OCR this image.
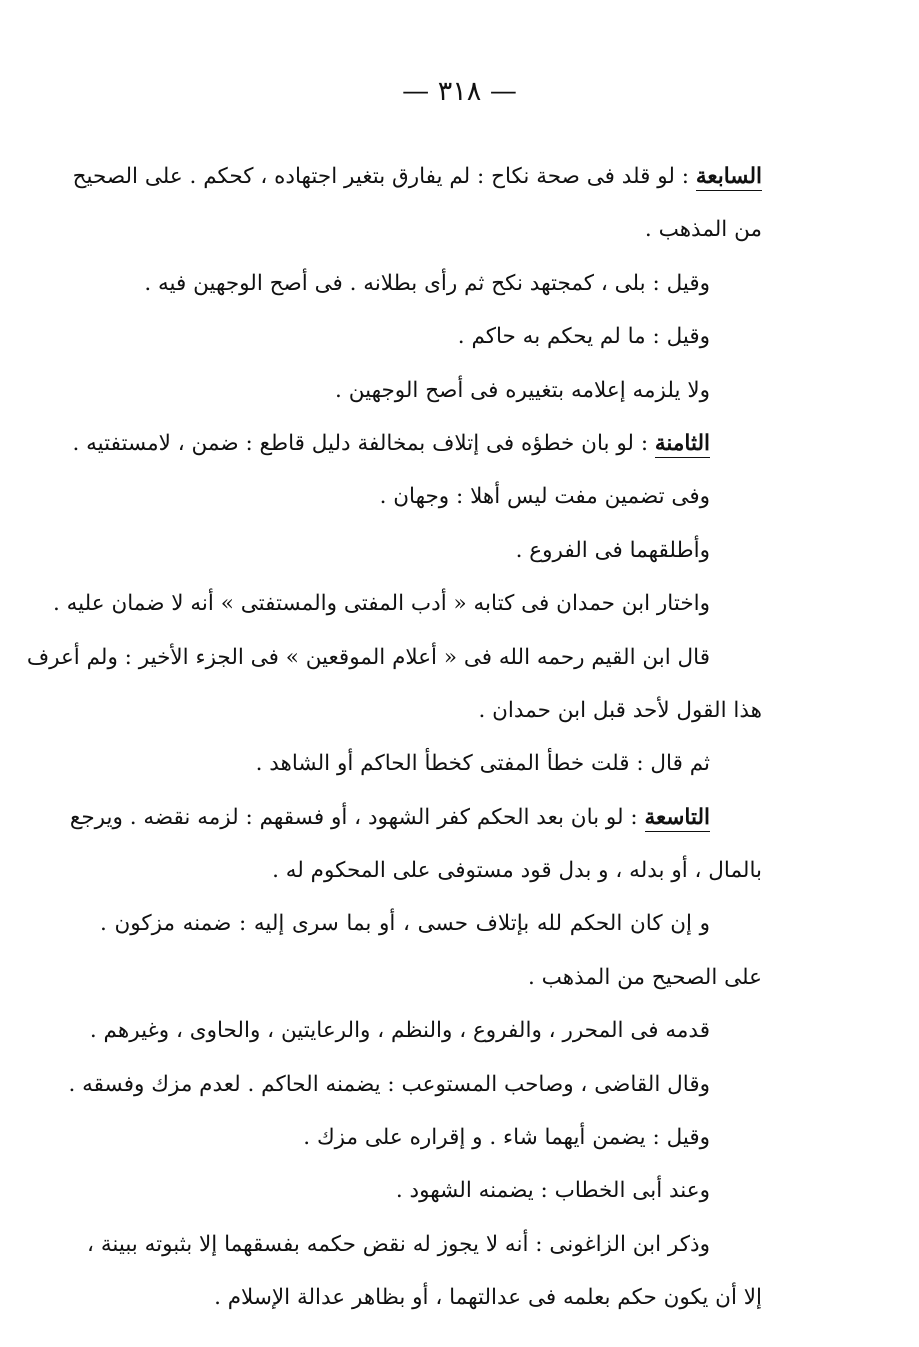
— ٣١٨ —
السابعة : لو قلد فى صحة نكاح : لم يفارق بتغير اجتهاده ، كحكم . على الصحيح
من المذهب .
وقيل : بلى ، كمجتهد نكح ثم رأى بطلانه . فى أصح الوجهين فيه .
وقيل : ما لم يحكم به حاكم .
ولا يلزمه إعلامه بتغييره فى أصح الوجهين .
الثامنة : لو بان خطؤه فى إتلاف بمخالفة دليل قاطع : ضمن ، لامستفتيه .
وفى تضمين مفت ليس أهلا : وجهان .
وأطلقهما فى الفروع .
واختار ابن حمدان فى كتابه « أدب المفتى والمستفتى » أنه لا ضمان عليه .
قال ابن القيم رحمه الله فى « أعلام الموقعين » فى الجزء الأخير : ولم أعرف
هذا القول لأحد قبل ابن حمدان .
ثم قال : قلت خطأ المفتى كخطأ الحاكم أو الشاهد .
التاسعة : لو بان بعد الحكم كفر الشهود ، أو فسقهم : لزمه نقضه . ويرجع
بالمال ، أو بدله ، و بدل قود مستوفى على المحكوم له .
و إن كان الحكم لله بإتلاف حسى ، أو بما سرى إليه : ضمنه مزكون .
على الصحيح من المذهب .
قدمه فى المحرر ، والفروع ، والنظم ، والرعايتين ، والحاوى ، وغيرهم .
وقال القاضى ، وصاحب المستوعب : يضمنه الحاكم . لعدم مزك وفسقه .
وقيل : يضمن أيهما شاء . و إقراره على مزك .
وعند أبى الخطاب : يضمنه الشهود .
وذكر ابن الزاغونى : أنه لا يجوز له نقض حكمه بفسقهما إلا بثبوته ببينة ،
إلا أن يكون حكم بعلمه فى عدالتهما ، أو بظاهر عدالة الإسلام .
